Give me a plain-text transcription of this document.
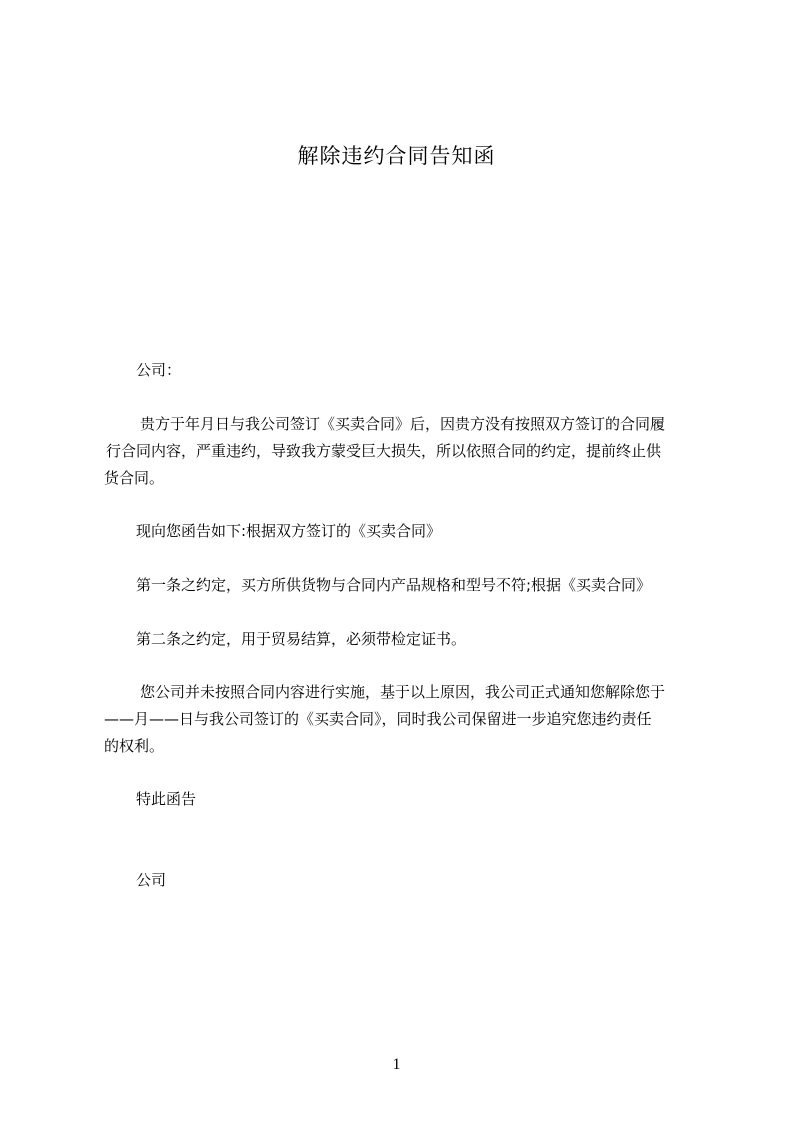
解除违约合同告知函

公司：

贵方于年月日与我公司签订《买卖合同》后，因贵方没有按照双方签订的合同履
行合同内容，严重违约，导致我方蒙受巨大损失，所以依照合同的约定，提前终止供
货合同。

现向您函告如下:根据双方签订的《买卖合同》

第一条之约定，买方所供货物与合同内产品规格和型号不符;根据《买卖合同》

第二条之约定，用于贸易结算，必须带检定证书。

您公司并未按照合同内容进行实施，基于以上原因，我公司正式通知您解除您于
——月——日与我公司签订的《买卖合同》，同时我公司保留进一步追究您违约责任
的权利。

特此函告

公司

1
